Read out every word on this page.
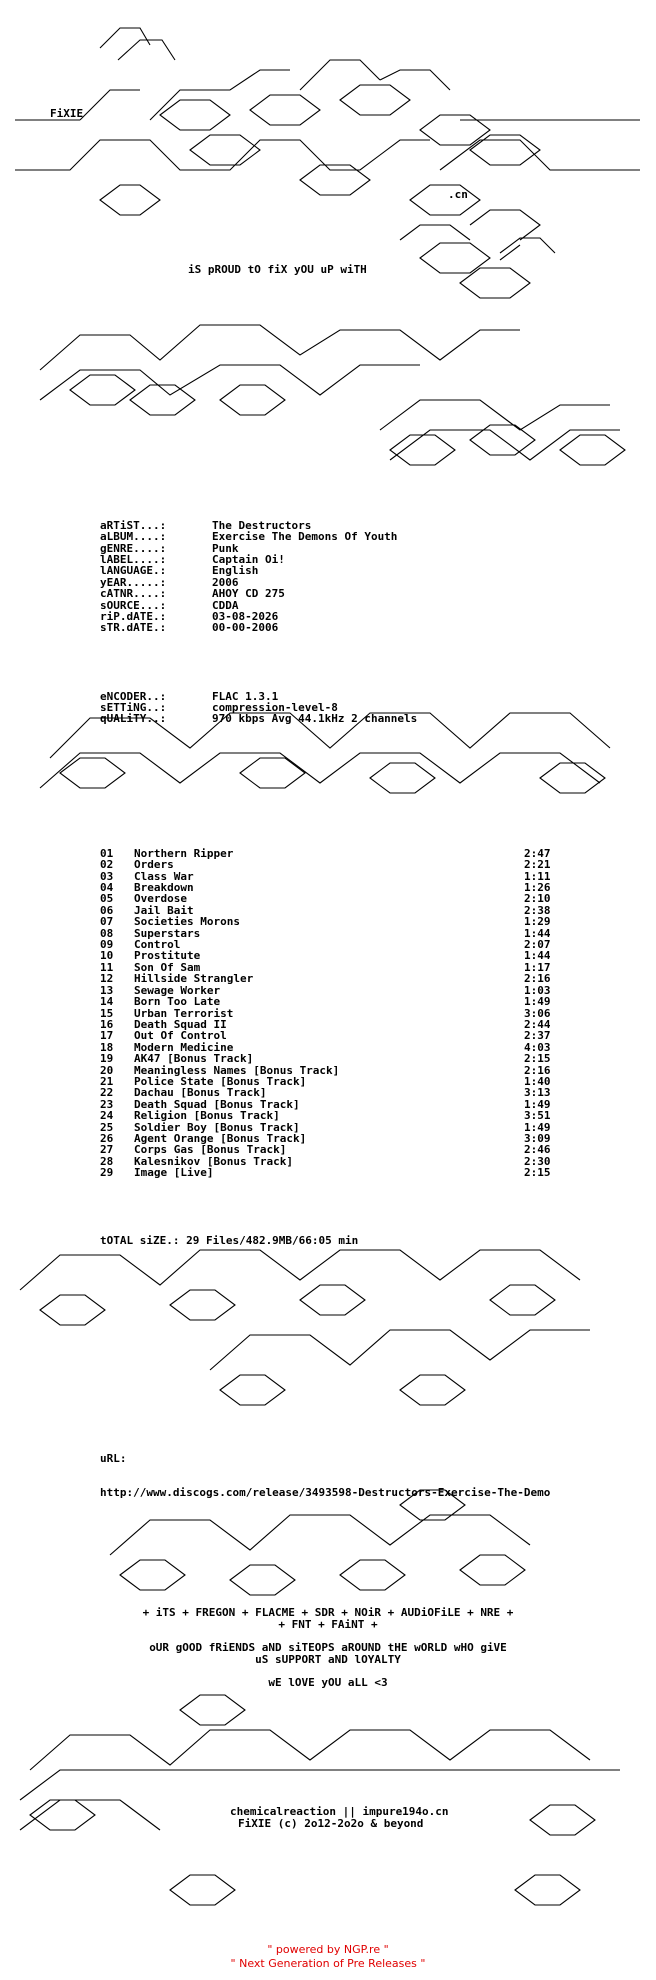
FiXIE

.cn

iS pROUD tO fiX yOU uP wiTH

aRTiST...:	The Destructors
aLBUM....:	Exercise The Demons Of Youth
gENRE....:	Punk
lABEL....:	Captain Oi!
lANGUAGE.:	English
yEAR.....:	2006
cATNR....:	AHOY CD 275
sOURCE...:	CDDA
riP.dATE.:	03-08-2026
sTR.dATE.:	00-00-2006

eNCODER..:	FLAC 1.3.1
sETTiNG..:	compression-level-8
qUALiTY..:	970 kbps Avg 44.1kHz 2 channels

01 Northern Ripper	2:47
02 Orders	2:21
03 Class War	1:11
04 Breakdown	1:26
05 Overdose	2:10
06 Jail Bait	2:38
07 Societies Morons	1:29
08 Superstars	1:44
09 Control	2:07
10 Prostitute	1:44
11 Son Of Sam	1:17
12 Hillside Strangler	2:16
13 Sewage Worker	1:03
14 Born Too Late	1:49
15 Urban Terrorist	3:06
16 Death Squad II	2:44
17 Out Of Control	2:37
18 Modern Medicine	4:03
19 AK47 [Bonus Track]	2:15
20 Meaningless Names [Bonus Track]	2:16
21 Police State [Bonus Track]	1:40
22 Dachau [Bonus Track]	3:13
23 Death Squad [Bonus Track]	1:49
24 Religion [Bonus Track]	3:51
25 Soldier Boy [Bonus Track]	1:49
26 Agent Orange [Bonus Track]	3:09
27 Corps Gas [Bonus Track]	2:46
28 Kalesnikov [Bonus Track]	2:30
29 Image [Live]	2:15

tOTAL siZE.: 29 Files/482.9MB/66:05 min

uRL:

http://www.discogs.com/release/3493598-Destructors-Exercise-The-Demo

+ iTS + FREGON + FLACME + SDR + NOiR + AUDiOFiLE + NRE +

+ FNT + FAiNT +

oUR gOOD fRiENDS aND siTEOPS aROUND tHE wORLD wHO giVE

uS sUPPORT aND lOYALTY

wE lOVE yOU aLL <3

chemicalreaction || impure194o.cn

FiXIE (c) 2o12-2o2o & beyond

" powered by NGP.re "
" Next Generation of Pre Releases "
